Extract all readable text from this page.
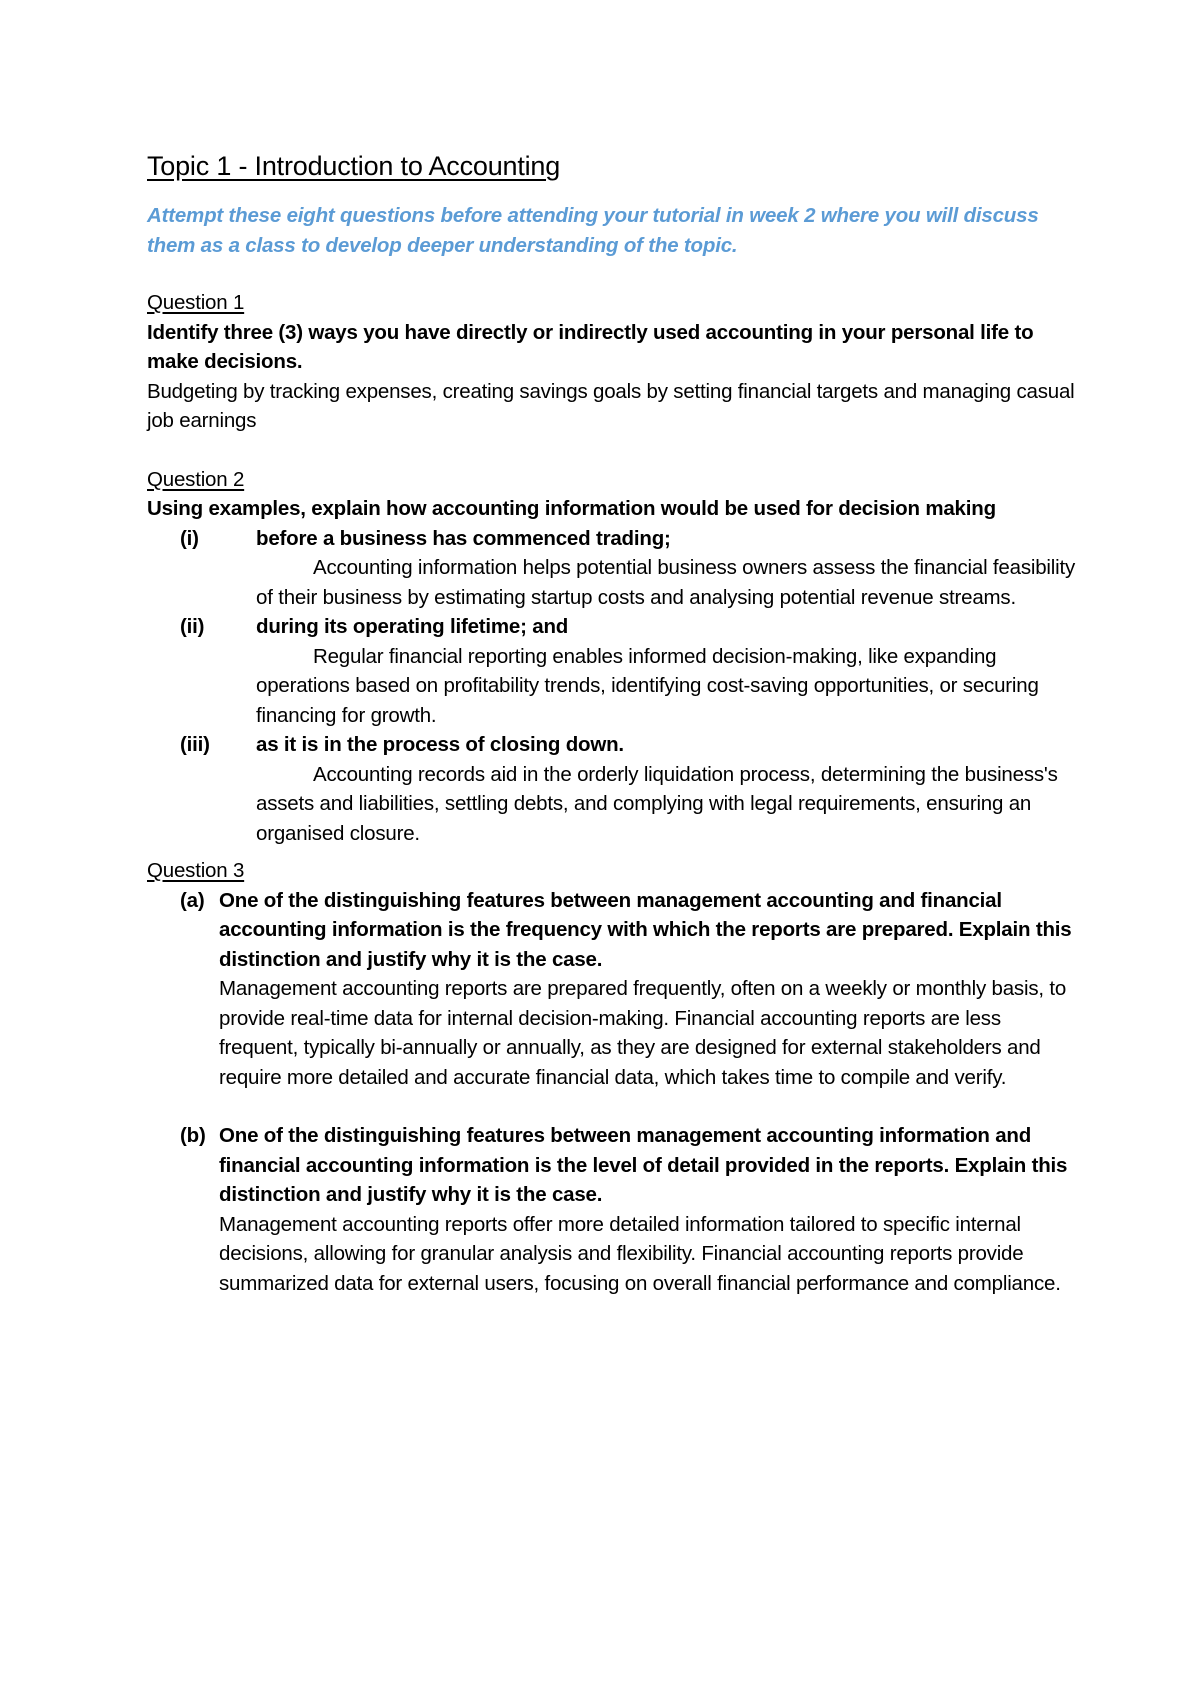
Topic 1 - Introduction to Accounting

Attempt these eight questions before attending your tutorial in week 2 where you will discuss them as a class to develop deeper understanding of the topic.

Question 1

Identify three (3) ways you have directly or indirectly used accounting in your personal life to make decisions.

Budgeting by tracking expenses, creating savings goals by setting financial targets and managing casual job earnings

Question 2

Using examples, explain how accounting information would be used for decision making

(i)	before a business has commenced trading;

Accounting information helps potential business owners assess the financial feasibility of their business by estimating startup costs and analysing potential revenue streams.

(ii)	during its operating lifetime; and

Regular financial reporting enables informed decision-making, like expanding operations based on profitability trends, identifying cost-saving opportunities, or securing financing for growth.

(iii)	as it is in the process of closing down.

Accounting records aid in the orderly liquidation process, determining the business's assets and liabilities, settling debts, and complying with legal requirements, ensuring an organised closure.

Question 3

(a) One of the distinguishing features between management accounting and financial accounting information is the frequency with which the reports are prepared. Explain this distinction and justify why it is the case.

Management accounting reports are prepared frequently, often on a weekly or monthly basis, to provide real-time data for internal decision-making. Financial accounting reports are less frequent, typically bi-annually or annually, as they are designed for external stakeholders and require more detailed and accurate financial data, which takes time to compile and verify.

(b) One of the distinguishing features between management accounting information and financial accounting information is the level of detail provided in the reports. Explain this distinction and justify why it is the case.

Management accounting reports offer more detailed information tailored to specific internal decisions, allowing for granular analysis and flexibility. Financial accounting reports provide summarized data for external users, focusing on overall financial performance and compliance.
